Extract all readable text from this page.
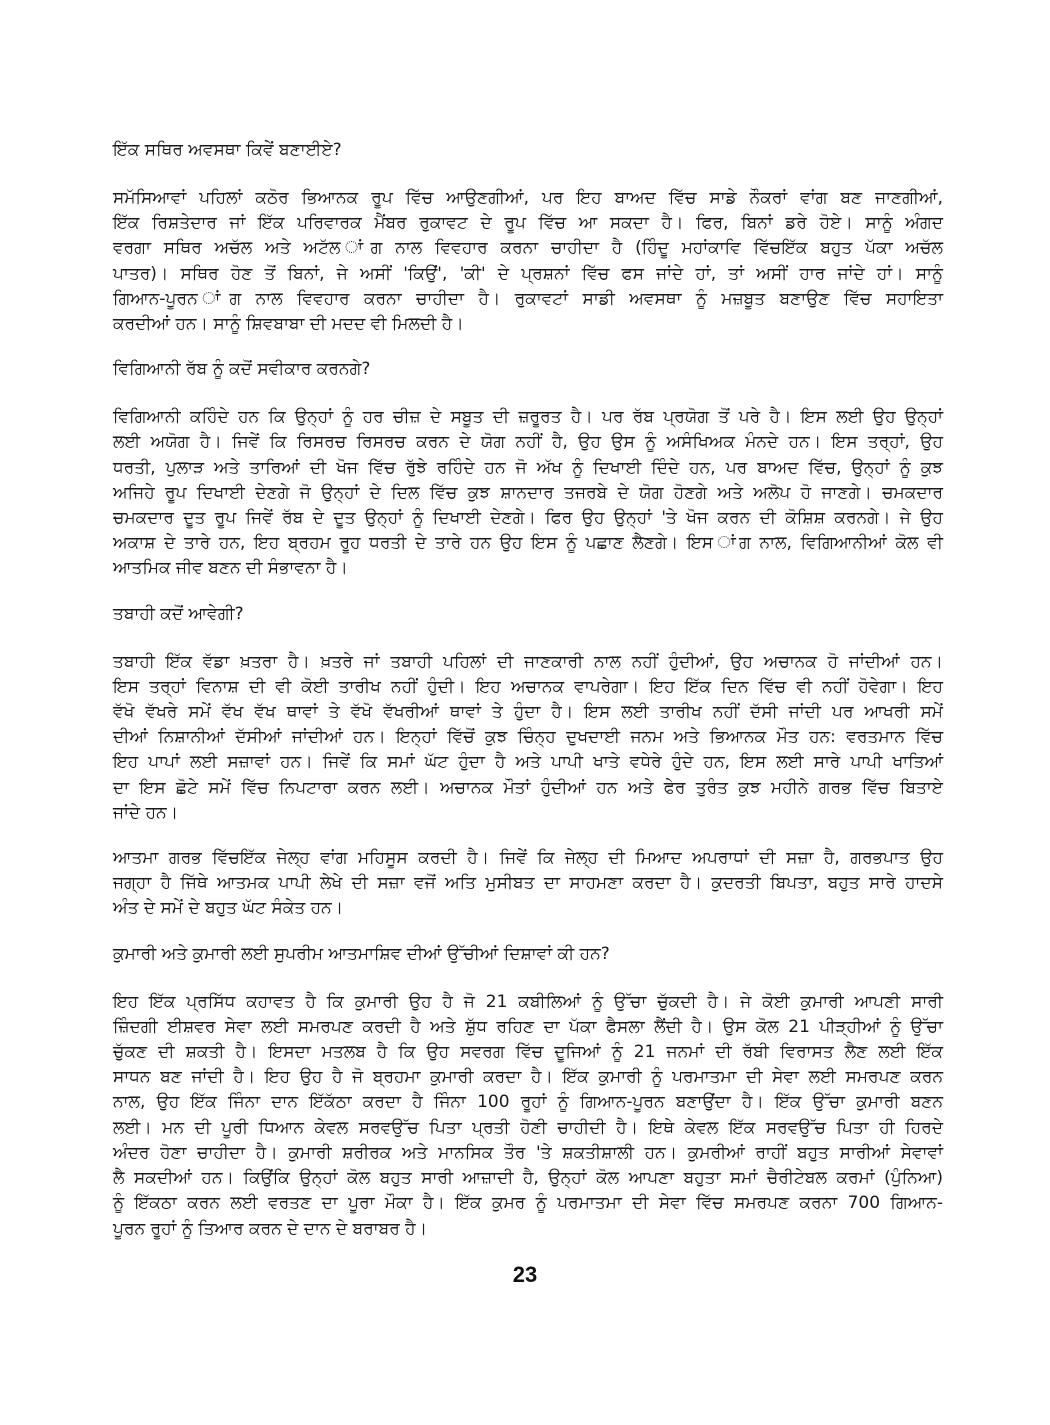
ਇੱਕ ਸਥਿਰ ਅਵਸਥਾ ਕਿਵੇਂ ਬਣਾਈਏ?

ਸਮੱਸਿਆਵਾਂ ਪਹਿਲਾਂ ਕਠੋਰ ਭਿਆਨਕ ਰੂਪ ਵਿੱਚ ਆਉਣਗੀਆਂ, ਪਰ ਇਹ ਬਾਅਦ ਵਿੱਚ ਸਾਡੇ ਨੌਕਰਾਂ ਵਾਂਗ ਬਣ ਜਾਣਗੀਆਂ,
ਇੱਕ ਰਿਸ਼ਤੇਦਾਰ ਜਾਂ ਇੱਕ ਪਰਿਵਾਰਕ ਮੈਂਬਰ ਰੁਕਾਵਟ ਦੇ ਰੂਪ ਵਿੱਚ ਆ ਸਕਦਾ ਹੈ। ਫਿਰ, ਬਿਨਾਂ ਡਰੇ ਹੋਏ। ਸਾਨੂੰ ਅੰਗਦ
ਵਰਗਾ ਸਥਿਰ ਅਚੱਲ ਅਤੇ ਅਟੱਲ ਾਂਗ ਨਾਲ ਵਿਵਹਾਰ ਕਰਨਾ ਚਾਹੀਦਾ ਹੈ (ਹਿੰਦੂ ਮਹਾਂਕਾਵਿ ਵਿੱਚਇੱਕ ਬਹੁਤ ਪੱਕਾ ਅਚੱਲ
ਪਾਤਰ)। ਸਥਿਰ ਹੋਣ ਤੋਂ ਬਿਨਾਂ, ਜੇ ਅਸੀਂ 'ਕਿਉਂ', 'ਕੀ' ਦੇ ਪ੍ਰਸ਼ਨਾਂ ਵਿੱਚ ਫਸ ਜਾਂਦੇ ਹਾਂ, ਤਾਂ ਅਸੀਂ ਹਾਰ ਜਾਂਦੇ ਹਾਂ। ਸਾਨੂੰ
ਗਿਆਨ-ਪੂਰਨ ਾਂਗ ਨਾਲ ਵਿਵਹਾਰ ਕਰਨਾ ਚਾਹੀਦਾ ਹੈ। ਰੁਕਾਵਟਾਂ ਸਾਡੀ ਅਵਸਥਾ ਨੂੰ ਮਜ਼ਬੂਤ ਬਣਾਉਣ ਵਿੱਚ ਸਹਾਇਤਾ
ਕਰਦੀਆਂ ਹਨ। ਸਾਨੂੰ ਸ਼ਿਵਬਾਬਾ ਦੀ ਮਦਦ ਵੀ ਮਿਲਦੀ ਹੈ।

ਵਿਗਿਆਨੀ ਰੱਬ ਨੂੰ ਕਦੋਂ ਸਵੀਕਾਰ ਕਰਨਗੇ?

ਵਿਗਿਆਨੀ ਕਹਿੰਦੇ ਹਨ ਕਿ ਉਨ੍ਹਾਂ ਨੂੰ ਹਰ ਚੀਜ਼ ਦੇ ਸਬੂਤ ਦੀ ਜ਼ਰੂਰਤ ਹੈ। ਪਰ ਰੱਬ ਪ੍ਰਯੋਗ ਤੋਂ ਪਰੇ ਹੈ। ਇਸ ਲਈ ਉਹ ਉਨ੍ਹਾਂ
ਲਈ ਅਯੋਗ ਹੈ। ਜਿਵੇਂ ਕਿ ਰਿਸਰਚ ਰਿਸਰਚ ਕਰਨ ਦੇ ਯੋਗ ਨਹੀਂ ਹੈ, ਉਹ ਉਸ ਨੂੰ ਅਸੰਖਿਅਕ ਮੰਨਦੇ ਹਨ। ਇਸ ਤਰ੍ਹਾਂ, ਉਹ
ਧਰਤੀ, ਪੁਲਾੜ ਅਤੇ ਤਾਰਿਆਂ ਦੀ ਖੋਜ ਵਿੱਚ ਰੁੱਝੇ ਰਹਿੰਦੇ ਹਨ ਜੋ ਅੱਖ ਨੂੰ ਦਿਖਾਈ ਦਿੰਦੇ ਹਨ, ਪਰ ਬਾਅਦ ਵਿੱਚ, ਉਨ੍ਹਾਂ ਨੂੰ ਕੁਝ
ਅਜਿਹੇ ਰੂਪ ਦਿਖਾਈ ਦੇਣਗੇ ਜੋ ਉਨ੍ਹਾਂ ਦੇ ਦਿਲ ਵਿੱਚ ਕੁਝ ਸ਼ਾਨਦਾਰ ਤਜਰਬੇ ਦੇ ਯੋਗ ਹੋਣਗੇ ਅਤੇ ਅਲੋਪ ਹੋ ਜਾਣਗੇ। ਚਮਕਦਾਰ
ਚਮਕਦਾਰ ਦੂਤ ਰੂਪ ਜਿਵੇਂ ਰੱਬ ਦੇ ਦੂਤ ਉਨ੍ਹਾਂ ਨੂੰ ਦਿਖਾਈ ਦੇਣਗੇ। ਫਿਰ ਉਹ ਉਨ੍ਹਾਂ 'ਤੇ ਖੋਜ ਕਰਨ ਦੀ ਕੋਸ਼ਿਸ਼ ਕਰਨਗੇ। ਜੇ ਉਹ
ਅਕਾਸ਼ ਦੇ ਤਾਰੇ ਹਨ, ਇਹ ਬ੍ਰਹਮ ਰੂਹ ਧਰਤੀ ਦੇ ਤਾਰੇ ਹਨ ਉਹ ਇਸ ਨੂੰ ਪਛਾਣ ਲੈਣਗੇ। ਇਸ ਾਂਗ ਨਾਲ, ਵਿਗਿਆਨੀਆਂ ਕੋਲ ਵੀ
ਆਤਮਿਕ ਜੀਵ ਬਣਨ ਦੀ ਸੰਭਾਵਨਾ ਹੈ।

ਤਬਾਹੀ ਕਦੋਂ ਆਵੇਗੀ?

ਤਬਾਹੀ ਇੱਕ ਵੱਡਾ ਖ਼ਤਰਾ ਹੈ। ਖ਼ਤਰੇ ਜਾਂ ਤਬਾਹੀ ਪਹਿਲਾਂ ਦੀ ਜਾਣਕਾਰੀ ਨਾਲ ਨਹੀਂ ਹੁੰਦੀਆਂ, ਉਹ ਅਚਾਨਕ ਹੋ ਜਾਂਦੀਆਂ ਹਨ।
ਇਸ ਤਰ੍ਹਾਂ ਵਿਨਾਸ਼ ਦੀ ਵੀ ਕੋਈ ਤਾਰੀਖ ਨਹੀਂ ਹੁੰਦੀ। ਇਹ ਅਚਾਨਕ ਵਾਪਰੇਗਾ। ਇਹ ਇੱਕ ਦਿਨ ਵਿੱਚ ਵੀ ਨਹੀਂ ਹੋਵੇਗਾ। ਇਹ
ਵੱਖੋ ਵੱਖਰੇ ਸਮੇਂ ਵੱਖ ਵੱਖ ਥਾਵਾਂ ਤੇ ਵੱਖੋ ਵੱਖਰੀਆਂ ਥਾਵਾਂ ਤੇ ਹੁੰਦਾ ਹੈ। ਇਸ ਲਈ ਤਾਰੀਖ ਨਹੀਂ ਦੱਸੀ ਜਾਂਦੀ ਪਰ ਆਖਰੀ ਸਮੇਂ
ਦੀਆਂ ਨਿਸ਼ਾਨੀਆਂ ਦੱਸੀਆਂ ਜਾਂਦੀਆਂ ਹਨ। ਇਨ੍ਹਾਂ ਵਿੱਚੋਂ ਕੁਝ ਚਿੰਨ੍ਹ ਦੁਖਦਾਈ ਜਨਮ ਅਤੇ ਭਿਆਨਕ ਮੌਤ ਹਨ: ਵਰਤਮਾਨ ਵਿੱਚ
ਇਹ ਪਾਪਾਂ ਲਈ ਸਜ਼ਾਵਾਂ ਹਨ। ਜਿਵੇਂ ਕਿ ਸਮਾਂ ਘੱਟ ਹੁੰਦਾ ਹੈ ਅਤੇ ਪਾਪੀ ਖਾਤੇ ਵਧੇਰੇ ਹੁੰਦੇ ਹਨ, ਇਸ ਲਈ ਸਾਰੇ ਪਾਪੀ ਖਾਤਿਆਂ
ਦਾ ਇਸ ਛੋਟੇ ਸਮੇਂ ਵਿੱਚ ਨਿਪਟਾਰਾ ਕਰਨ ਲਈ। ਅਚਾਨਕ ਮੌਤਾਂ ਹੁੰਦੀਆਂ ਹਨ ਅਤੇ ਫੇਰ ਤੁਰੰਤ ਕੁਝ ਮਹੀਨੇ ਗਰਭ ਵਿੱਚ ਬਿਤਾਏ
ਜਾਂਦੇ ਹਨ।

ਆਤਮਾ ਗਰਭ ਵਿੱਚਇੱਕ ਜੇਲ੍ਹ ਵਾਂਗ ਮਹਿਸੂਸ ਕਰਦੀ ਹੈ। ਜਿਵੇਂ ਕਿ ਜੇਲ੍ਹ ਦੀ ਮਿਆਦ ਅਪਰਾਧਾਂ ਦੀ ਸਜ਼ਾ ਹੈ, ਗਰਭਪਾਤ ਉਹ
ਜਗ੍ਹਾ ਹੈ ਜਿੱਥੇ ਆਤਮਕ ਪਾਪੀ ਲੇਖੇ ਦੀ ਸਜ਼ਾ ਵਜੋਂ ਅਤਿ ਮੁਸੀਬਤ ਦਾ ਸਾਹਮਣਾ ਕਰਦਾ ਹੈ। ਕੁਦਰਤੀ ਬਿਪਤਾ, ਬਹੁਤ ਸਾਰੇ ਹਾਦਸੇ
ਅੰਤ ਦੇ ਸਮੇਂ ਦੇ ਬਹੁਤ ਘੱਟ ਸੰਕੇਤ ਹਨ।

ਕੁਮਾਰੀ ਅਤੇ ਕੁਮਾਰੀ ਲਈ ਸੁਪਰੀਮ ਆਤਮਾਸ਼ਿਵ ਦੀਆਂ ਉੱਚੀਆਂ ਦਿਸ਼ਾਵਾਂ ਕੀ ਹਨ?

ਇਹ ਇੱਕ ਪ੍ਰਸਿੱਧ ਕਹਾਵਤ ਹੈ ਕਿ ਕੁਮਾਰੀ ਉਹ ਹੈ ਜੋ 21 ਕਬੀਲਿਆਂ ਨੂੰ ਉੱਚਾ ਚੁੱਕਦੀ ਹੈ। ਜੇ ਕੋਈ ਕੁਮਾਰੀ ਆਪਣੀ ਸਾਰੀ
ਜ਼ਿੰਦਗੀ ਈਸ਼ਵਰ ਸੇਵਾ ਲਈ ਸਮਰਪਣ ਕਰਦੀ ਹੈ ਅਤੇ ਸ਼ੁੱਧ ਰਹਿਣ ਦਾ ਪੱਕਾ ਫੈਸਲਾ ਲੈਂਦੀ ਹੈ। ਉਸ ਕੋਲ 21 ਪੀੜ੍ਹੀਆਂ ਨੂੰ ਉੱਚਾ
ਚੁੱਕਣ ਦੀ ਸ਼ਕਤੀ ਹੈ। ਇਸਦਾ ਮਤਲਬ ਹੈ ਕਿ ਉਹ ਸਵਰਗ ਵਿੱਚ ਦੂਜਿਆਂ ਨੂੰ 21 ਜਨਮਾਂ ਦੀ ਰੱਬੀ ਵਿਰਾਸਤ ਲੈਣ ਲਈ ਇੱਕ
ਸਾਧਨ ਬਣ ਜਾਂਦੀ ਹੈ। ਇਹ ਉਹ ਹੈ ਜੋ ਬ੍ਰਹਮਾ ਕੁਮਾਰੀ ਕਰਦਾ ਹੈ। ਇੱਕ ਕੁਮਾਰੀ ਨੂੰ ਪਰਮਾਤਮਾ ਦੀ ਸੇਵਾ ਲਈ ਸਮਰਪਣ ਕਰਨ
ਨਾਲ, ਉਹ ਇੱਕ ਜਿੰਨਾ ਦਾਨ ਇੱਕੱਠਾ ਕਰਦਾ ਹੈ ਜਿੰਨਾ 100 ਰੂਹਾਂ ਨੂੰ ਗਿਆਨ-ਪੂਰਨ ਬਣਾਉਂਦਾ ਹੈ। ਇੱਕ ਉੱਚਾ ਕੁਮਾਰੀ ਬਣਨ
ਲਈ। ਮਨ ਦੀ ਪੂਰੀ ਧਿਆਨ ਕੇਵਲ ਸਰਵਉੱਚ ਪਿਤਾ ਪ੍ਰਤੀ ਹੋਣੀ ਚਾਹੀਦੀ ਹੈ। ਇਥੇ ਕੇਵਲ ਇੱਕ ਸਰਵਉੱਚ ਪਿਤਾ ਹੀ ਹਿਰਦੇ
ਅੰਦਰ ਹੋਣਾ ਚਾਹੀਦਾ ਹੈ। ਕੁਮਾਰੀ ਸ਼ਰੀਰਕ ਅਤੇ ਮਾਨਸਿਕ ਤੌਰ 'ਤੇ ਸ਼ਕਤੀਸ਼ਾਲੀ ਹਨ। ਕੁਮਰੀਆਂ ਰਾਹੀਂ ਬਹੁਤ ਸਾਰੀਆਂ ਸੇਵਾਵਾਂ
ਲੈ ਸਕਦੀਆਂ ਹਨ। ਕਿਉਂਕਿ ਉਨ੍ਹਾਂ ਕੋਲ ਬਹੁਤ ਸਾਰੀ ਆਜ਼ਾਦੀ ਹੈ, ਉਨ੍ਹਾਂ ਕੋਲ ਆਪਣਾ ਬਹੁਤਾ ਸਮਾਂ ਚੈਰੀਟੇਬਲ ਕਰਮਾਂ (ਪੁੰਨਿਆ)
ਨੂੰ ਇੱਕਠਾ ਕਰਨ ਲਈ ਵਰਤਣ ਦਾ ਪੂਰਾ ਮੌਕਾ ਹੈ। ਇੱਕ ਕੁਮਰ ਨੂੰ ਪਰਮਾਤਮਾ ਦੀ ਸੇਵਾ ਵਿੱਚ ਸਮਰਪਣ ਕਰਨਾ 700 ਗਿਆਨ-
ਪੂਰਨ ਰੂਹਾਂ ਨੂੰ ਤਿਆਰ ਕਰਨ ਦੇ ਦਾਨ ਦੇ ਬਰਾਬਰ ਹੈ।

23
